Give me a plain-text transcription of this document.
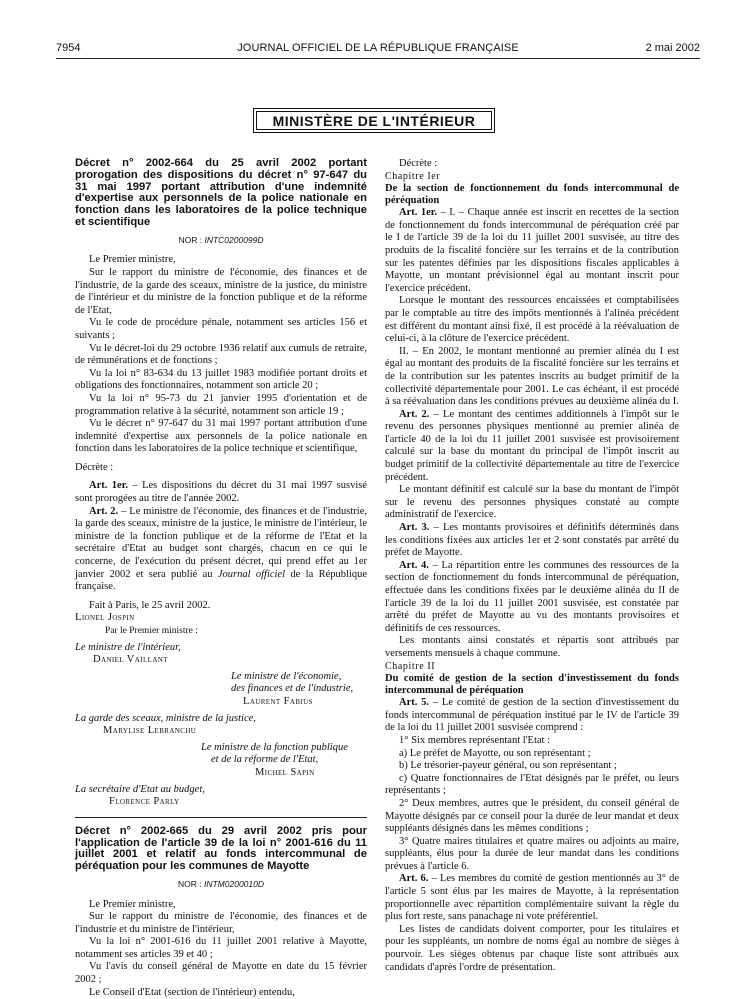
7954	JOURNAL OFFICIEL DE LA RÉPUBLIQUE FRANÇAISE	2 mai 2002
MINISTÈRE DE L'INTÉRIEUR

Décret n° 2002-664 du 25 avril 2002 portant prorogation des dispositions du décret n° 97-647 du 31 mai 1997 portant attribution d'une indemnité d'expertise aux personnels de la police nationale en fonction dans les laboratoires de la police technique et scientifique

NOR : INTC0200099D

Le Premier ministre,

Sur le rapport du ministre de l'économie, des finances et de l'industrie, de la garde des sceaux, ministre de la justice, du ministre de l'intérieur et du ministre de la fonction publique et de la réforme de l'Etat,

Vu le code de procédure pénale, notamment ses articles 156 et suivants ;

Vu le décret-loi du 29 octobre 1936 relatif aux cumuls de retraite, de rémunérations et de fonctions ;

Vu la loi n° 83-634 du 13 juillet 1983 modifiée portant droits et obligations des fonctionnaires, notamment son article 20 ;

Vu la loi n° 95-73 du 21 janvier 1995 d'orientation et de programmation relative à la sécurité, notamment son article 19 ;

Vu le décret n° 97-647 du 31 mai 1997 portant attribution d'une indemnité d'expertise aux personnels de la police nationale en fonction dans les laboratoires de la police technique et scientifique,

Décrète :

Art. 1er. – Les dispositions du décret du 31 mai 1997 susvisé sont prorogées au titre de l'année 2002.

Art. 2. – Le ministre de l'économie, des finances et de l'industrie, la garde des sceaux, ministre de la justice, le ministre de l'intérieur, le ministre de la fonction publique et de la réforme de l'Etat et la secrétaire d'Etat au budget sont chargés, chacun en ce qui le concerne, de l'exécution du présent décret, qui prend effet au 1er janvier 2002 et sera publié au Journal officiel de la République française.

Fait à Paris, le 25 avril 2002.

Lionel Jospin

Par le Premier ministre :

Le ministre de l'intérieur,

Daniel Vaillant

Le ministre de l'économie,

des finances et de l'industrie,

Laurent Fabius

La garde des sceaux, ministre de la justice,

Marylise Lebranchu

Le ministre de la fonction publique

et de la réforme de l'Etat,

Michel Sapin

La secrétaire d'Etat au budget,

Florence Parly

Décret n° 2002-665 du 29 avril 2002 pris pour l'application de l'article 39 de la loi n° 2001-616 du 11 juillet 2001 et relatif au fonds intercommunal de péréquation pour les communes de Mayotte

NOR : INTM0200010D

Le Premier ministre,

Sur le rapport du ministre de l'économie, des finances et de l'industrie et du ministre de l'intérieur,

Vu la loi n° 2001-616 du 11 juillet 2001 relative à Mayotte, notamment ses articles 39 et 40 ;

Vu l'avis du conseil général de Mayotte en date du 15 février 2002 ;

Le Conseil d'Etat (section de l'intérieur) entendu,

Décrète :

Chapitre Ier

De la section de fonctionnement du fonds intercommunal de péréquation

Art. 1er. – I. – Chaque année est inscrit en recettes de la section de fonctionnement du fonds intercommunal de péréquation créé par le I de l'article 39 de la loi du 11 juillet 2001 susvisée, au titre des produits de la fiscalité foncière sur les terrains et de la contribution sur les patentes définies par les dispositions fiscales applicables à Mayotte, un montant prévisionnel égal au montant inscrit pour l'exercice précédent.

Lorsque le montant des ressources encaissées et comptabilisées par le comptable au titre des impôts mentionnés à l'alinéa précédent est différent du montant ainsi fixé, il est procédé à la réévaluation de celui-ci, à la clôture de l'exercice précédent.

II. – En 2002, le montant mentionné au premier alinéa du I est égal au montant des produits de la fiscalité foncière sur les terrains et de la contribution sur les patentes inscrits au budget primitif de la collectivité départementale pour 2001. Le cas échéant, il est procédé à sa réévaluation dans les conditions prévues au deuxième alinéa du I.

Art. 2. – Le montant des centimes additionnels à l'impôt sur le revenu des personnes physiques mentionné au premier alinéa de l'article 40 de la loi du 11 juillet 2001 susvisée est provisoirement calculé sur la base du montant du principal de l'impôt inscrit au budget primitif de la collectivité départementale au titre de l'exercice précédent.

Le montant définitif est calculé sur la base du montant de l'impôt sur le revenu des personnes physiques constaté au compte administratif de l'exercice.

Art. 3. – Les montants provisoires et définitifs déterminés dans les conditions fixées aux articles 1er et 2 sont constatés par arrêté du préfet de Mayotte.

Art. 4. – La répartition entre les communes des ressources de la section de fonctionnement du fonds intercommunal de péréquation, effectuée dans les conditions fixées par le deuxième alinéa du II de l'article 39 de la loi du 11 juillet 2001 susvisée, est constatée par arrêté du préfet de Mayotte au vu des montants provisoires et définitifs de ces ressources.

Les montants ainsi constatés et répartis sont attribués par versements mensuels à chaque commune.

Chapitre II

Du comité de gestion de la section d'investissement du fonds intercommunal de péréquation

Art. 5. – Le comité de gestion de la section d'investissement du fonds intercommunal de péréquation institué par le IV de l'article 39 de la loi du 11 juillet 2001 susvisée comprend :

1° Six membres représentant l'Etat :

a) Le préfet de Mayotte, ou son représentant ;

b) Le trésorier-payeur général, ou son représentant ;

c) Quatre fonctionnaires de l'Etat désignés par le préfet, ou leurs représentants ;

2° Deux membres, autres que le président, du conseil général de Mayotte désignés par ce conseil pour la durée de leur mandat et deux suppléants désignés dans les mêmes conditions ;

3° Quatre maires titulaires et quatre maires ou adjoints au maire, suppléants, élus pour la durée de leur mandat dans les conditions prévues à l'article 6.

Art. 6. – Les membres du comité de gestion mentionnés au 3° de l'article 5 sont élus par les maires de Mayotte, à la représentation proportionnelle avec répartition complémentaire suivant la règle du plus fort reste, sans panachage ni vote préférentiel.

Les listes de candidats doivent comporter, pour les titulaires et pour les suppléants, un nombre de noms égal au nombre de sièges à pourvoir. Les sièges obtenus par chaque liste sont attribués aux candidats d'après l'ordre de présentation.
